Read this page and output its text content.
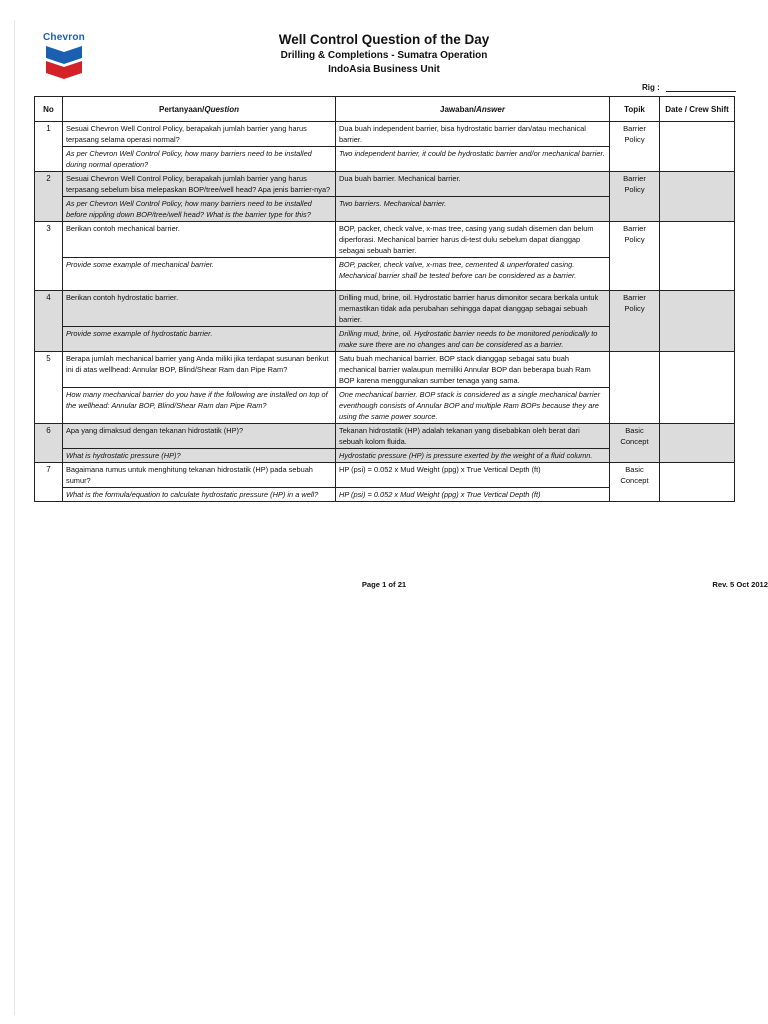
Chevron	Well Control Question of the Day
Drilling & Completions - Sumatra Operation
IndoAsia Business Unit
Rig :
No	Pertanyaan/Question	Jawaban/Answer	Topik	Date / Crew Shift
1	Sesuai Chevron Well Control Policy, berapakah jumlah barrier yang harus terpasang selama operasi normal?	Dua buah independent barrier, bisa hydrostatic barrier dan/atau mechanical barrier.	Barrier Policy	
	As per Chevron Well Control Policy, how many barriers need to be installed during normal operation?	Two independent barrier, it could be hydrostatic barrier and/or mechanical barrier.		
2	Sesuai Chevron Well Control Policy, berapakah jumlah barrier yang harus terpasang sebelum bisa melepaskan BOP/tree/well head? Apa jenis barrier-nya?	Dua buah barrier. Mechanical barrier.	Barrier Policy	
	As per Chevron Well Control Policy, how many barriers need to be installed before nippling down BOP/tree/well head? What is the barrier type for this?	Two barriers. Mechanical barrier.		
3	Berikan contoh mechanical barrier.	BOP, packer, check valve, x-mas tree, casing yang sudah disemen dan belum diperforasi. Mechanical barrier harus di-test dulu sebelum dapat dianggap sebagai sebuah barrier.	Barrier Policy	
	Provide some example of mechanical barrier.	BOP, packer, check valve, x-mas tree, cemented & unperforated casing. Mechanical barrier shall be tested before can be considered as a barrier.		
4	Berikan contoh hydrostatic barrier.	Drilling mud, brine, oil. Hydrostatic barrier harus dimonitor secara berkala untuk memastikan tidak ada perubahan sehingga dapat dianggap sebagai sebuah barrier.	Barrier Policy	
	Provide some example of hydrostatic barrier.	Drilling mud, brine, oil. Hydrostatic barrier needs to be monitored periodically to make sure there are no changes and can be considered as a barrier.		
5	Berapa jumlah mechanical barrier yang Anda miliki jika terdapat susunan berikut ini di atas wellhead: Annular BOP, Blind/Shear Ram dan Pipe Ram?	Satu buah mechanical barrier. BOP stack dianggap sebagai satu buah mechanical barrier walaupun memiliki Annular BOP dan beberapa buah Ram BOP karena menggunakan sumber tenaga yang sama.		
	How many mechanical barrier do you have if the following are installed on top of the wellhead: Annular BOP, Blind/Shear Ram dan Pipe Ram?	One mechanical barrier. BOP stack is considered as a single mechanical barrier eventhough consists of Annular BOP and multiple Ram BOPs because they are using the same power source.		
6	Apa yang dimaksud dengan tekanan hidrostatik (HP)?	Tekanan hidrostatik (HP) adalah tekanan yang disebabkan oleh berat dari sebuah kolom fluida.	Basic Concept	
	What is hydrostatic pressure (HP)?	Hydrostatic pressure (HP) is pressure exerted by the weight of a fluid column.		
7	Bagaimana rumus untuk menghitung tekanan hidrostatik (HP) pada sebuah sumur?	HP (psi) = 0.052 x Mud Weight (ppg) x True Vertical Depth (ft)	Basic Concept	
	What is the formula/equation to calculate hydrostatic pressure (HP) in a well?	HP (psi) = 0.052 x Mud Weight (ppg) x True Vertical Depth (ft)		
Page 1 of 21	Rev. 5 Oct 2012
